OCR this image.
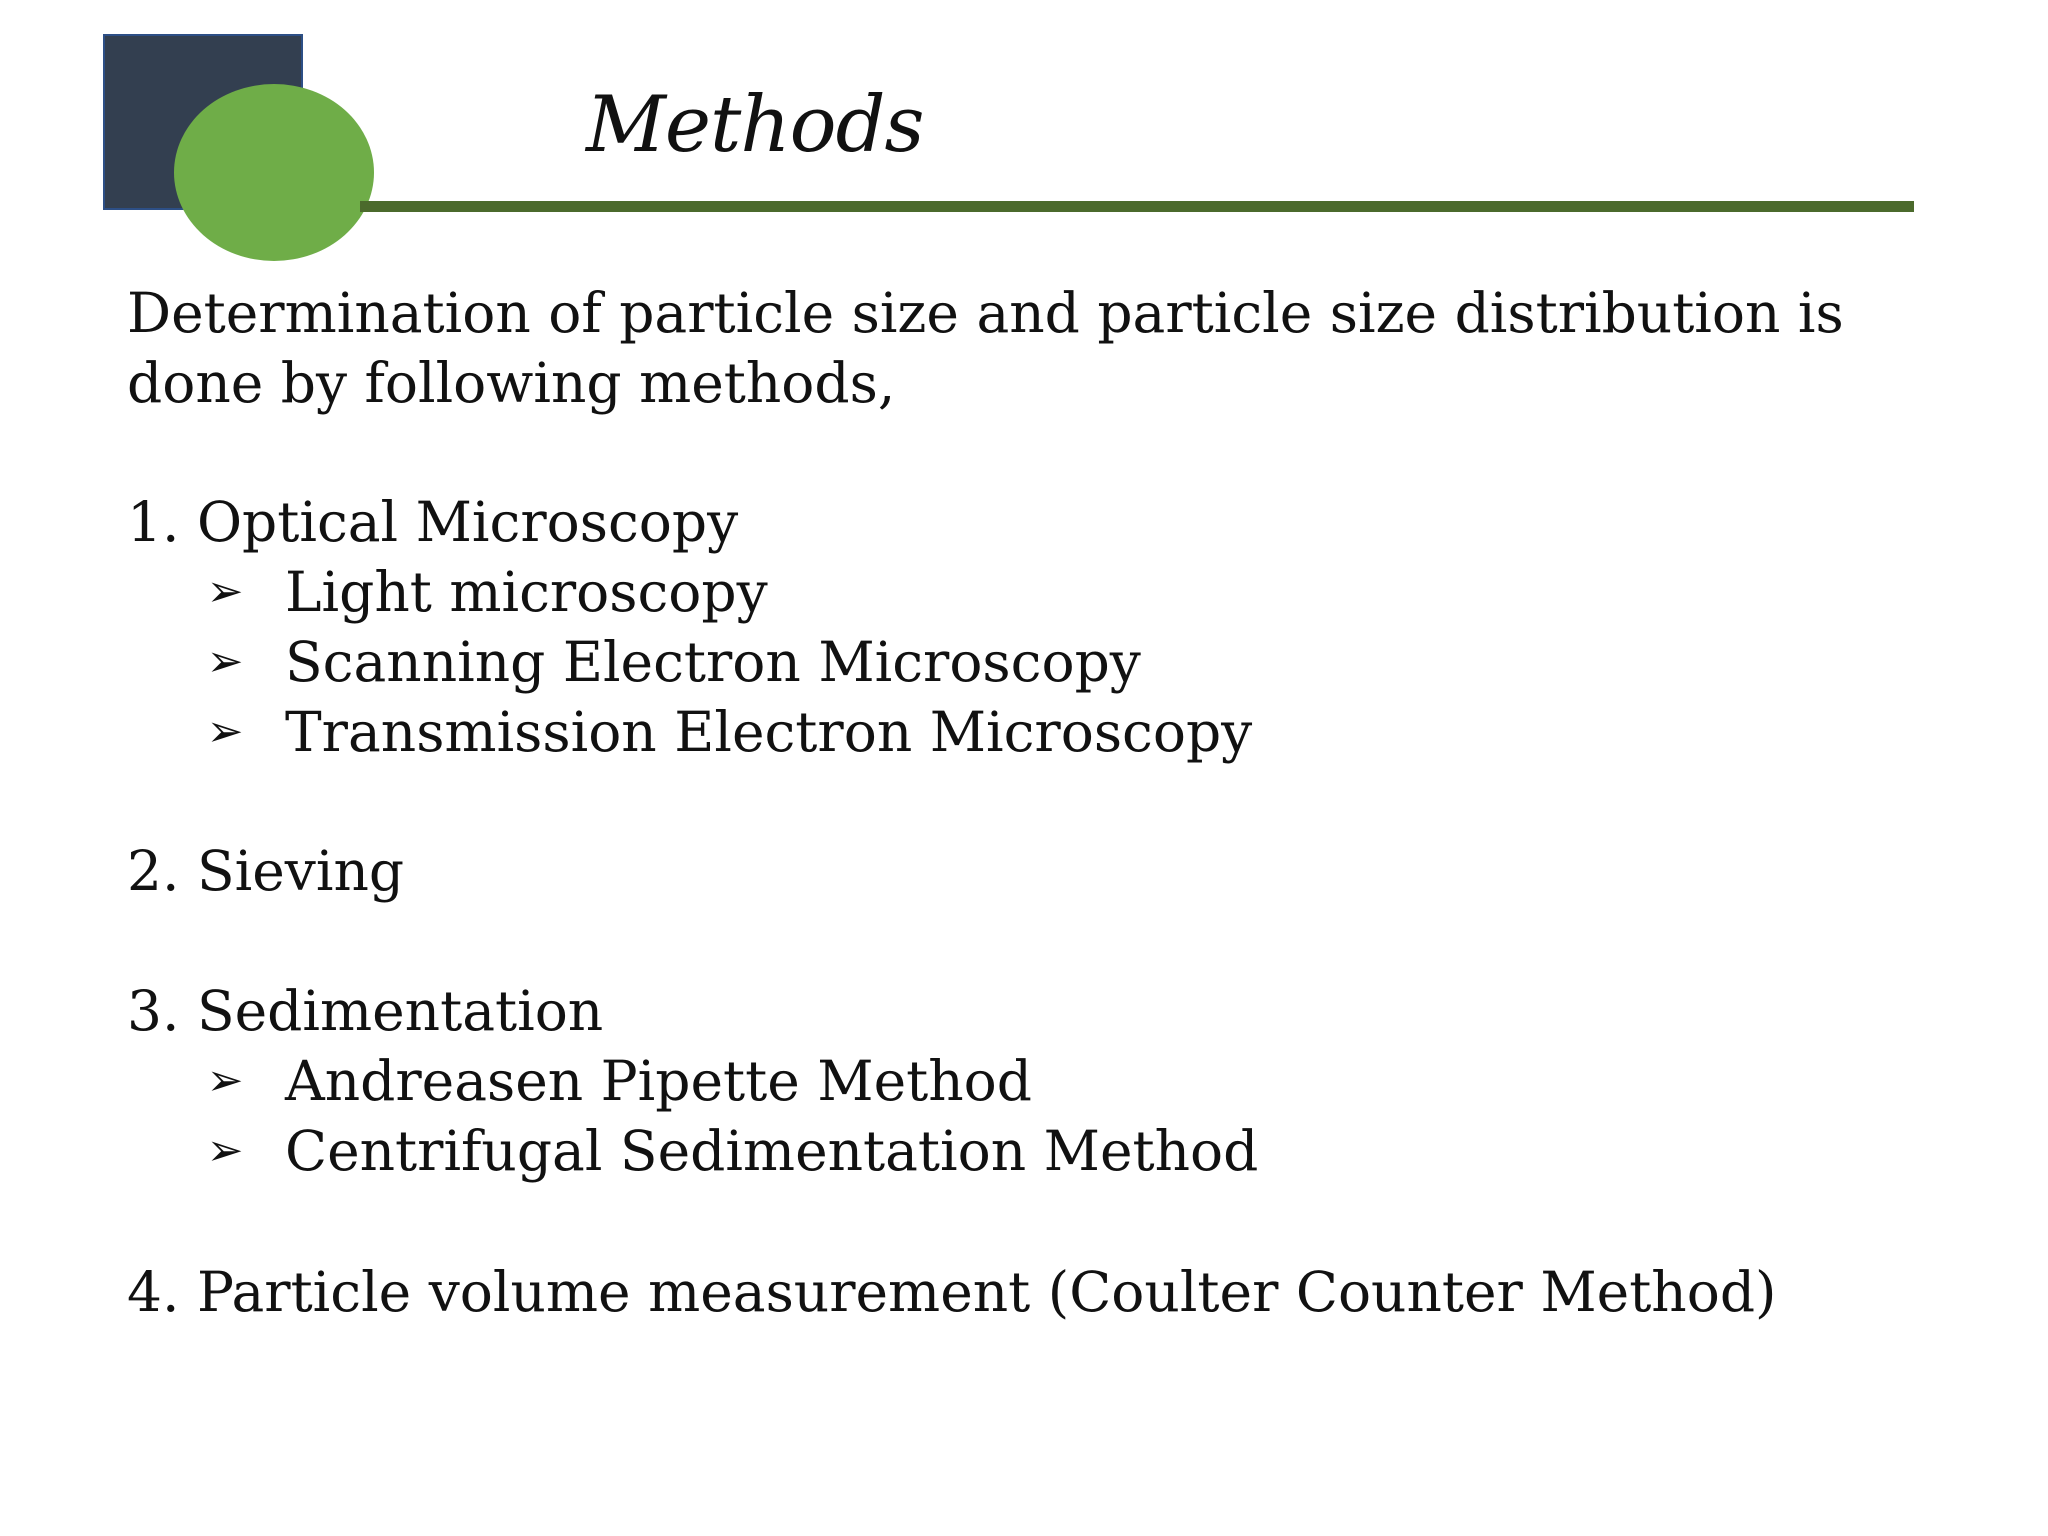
Methods

Determination of particle size and particle size distribution is done by following methods,

1. Optical Microscopy

➢ Light microscopy

➢ Scanning Electron Microscopy

➢ Transmission Electron Microscopy

2. Sieving

3. Sedimentation

➢ Andreasen Pipette Method

➢ Centrifugal Sedimentation Method

4. Particle volume measurement (Coulter Counter Method)
